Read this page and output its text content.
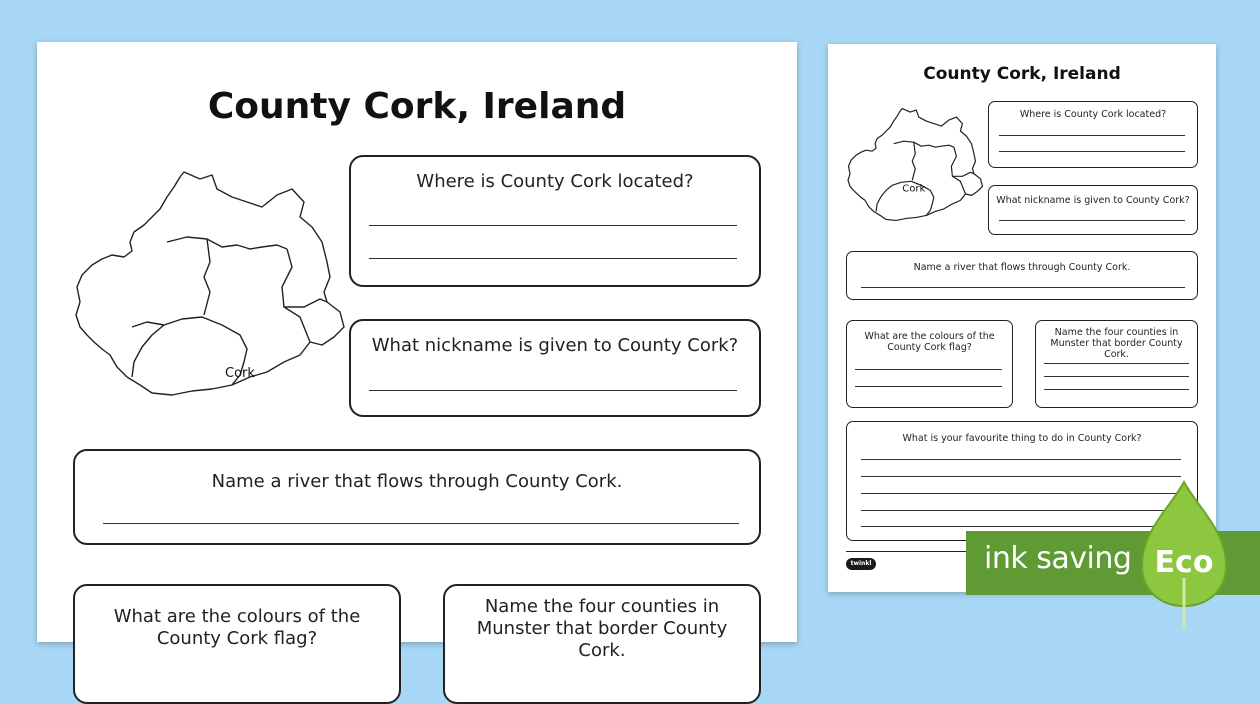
County Cork, Ireland
Cork
Where is County Cork located?
What nickname is given to County Cork?
Name a river that flows through County Cork.
What are the colours of the County Cork flag?
Name the four counties in Munster that border County Cork.
County Cork, Ireland
Cork
Where is County Cork located?
What nickname is given to County Cork?
Name a river that flows through County Cork.
What are the colours of the County Cork flag?
Name the four counties in Munster that border County Cork.
What is your favourite thing to do in County Cork?
twinkl	ink saving Eco
